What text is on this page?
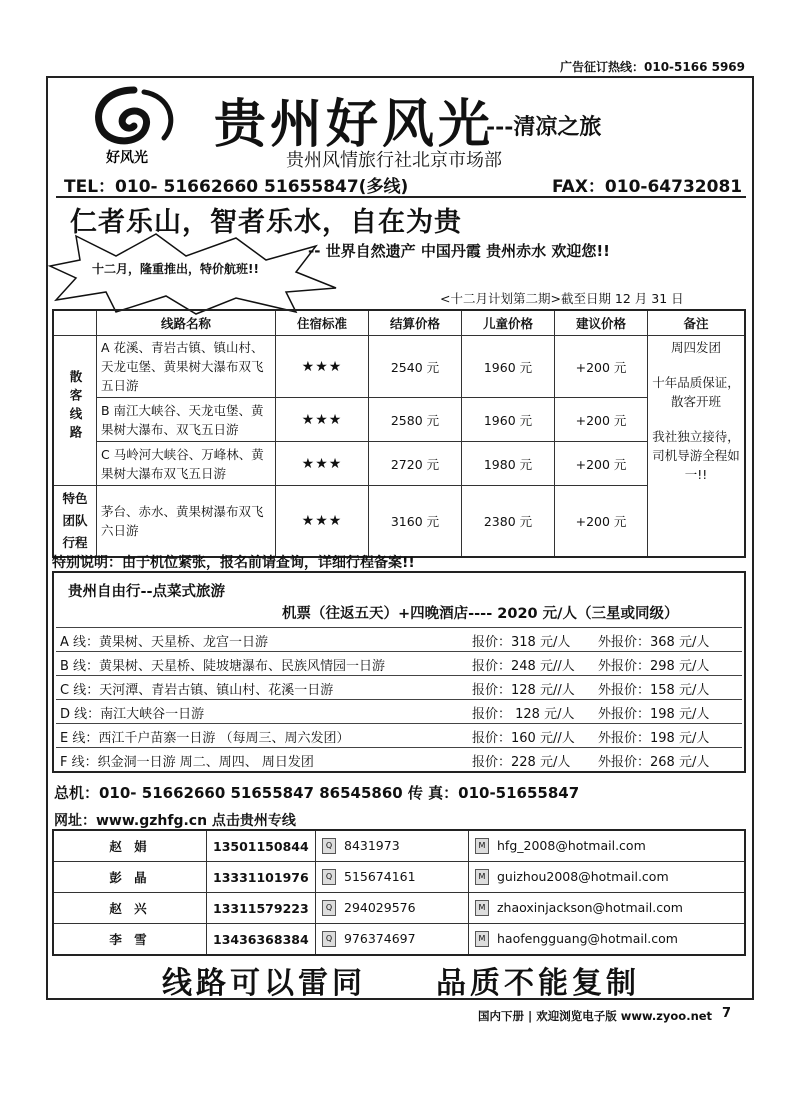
广告征订热线：010-5166 5969
好风光
贵州好风光
---清凉之旅
贵州风情旅行社北京市场部
TEL：010- 51662660 51655847(多线)	FAX：010-64732081
仁者乐山，智者乐水，自在为贵
十二月，隆重推出，特价航班!!
-- 世界自然遗产 中国丹霞 贵州赤水 欢迎您!!
<十二月计划第二期>截至日期 12 月 31 日
	线路名称	住宿标准	结算价格	儿童价格	建议价格	备注
散客线路	A 花溪、青岩古镇、镇山村、天龙屯堡、黄果树大瀑布双飞五日游	★★★	2540 元	1960 元	+200 元	周四发团
十年品质保证，散客开班
我社独立接待，司机导游全程如一!!

	B 南江大峡谷、天龙屯堡、黄果树大瀑布、双飞五日游	★★★	2580 元	1960 元	+200 元	
	C 马岭河大峡谷、万峰林、黄果树大瀑布双飞五日游	★★★	2720 元	1980 元	+200 元	
特色团队行程	茅台、赤水、黄果树瀑布双飞六日游	★★★	3160 元	2380 元	+200 元	
特别说明：由于机位紧张，报名前请查询，详细行程备案!!
贵州自由行--点菜式旅游
机票（往返五天）+四晚酒店---- 2020 元/人（三星或同级）
A 线：黄果树、天星桥、龙宫一日游	报价：318 元/人 外报价：368 元/人
B 线：黄果树、天星桥、陡坡塘瀑布、民族风情园一日游	报价：248 元//人 外报价：298 元/人
C 线：天河潭、青岩古镇、镇山村、花溪一日游	报价：128 元//人 外报价：158 元/人
D 线：南江大峡谷一日游	报价： 128 元/人 外报价：198 元/人
E 线：西江千户苗寨一日游 （每周三、周六发团）	报价：160 元//人 外报价：198 元/人
F 线：织金洞一日游 周二、周四、 周日发团	报价：228 元/人 外报价：268 元/人
总机：010- 51662660 51655847 86545860 传 真：010-51655847
网址：www.gzhfg.cn 点击贵州专线
赵 娟	13501150844	Q 8431973	M hfg_2008@hotmail.com
彭 晶	13331101976	Q 515674161	M guizhou2008@hotmail.com
赵 兴	13311579223	Q 294029576	M zhaoxinjackson@hotmail.com
李 雪	13436368384	Q 976374697	M haofengguang@hotmail.com
线路可以雷同 品质不能复制
国内下册 | 欢迎浏览电子版 www.zyoo.net 7
